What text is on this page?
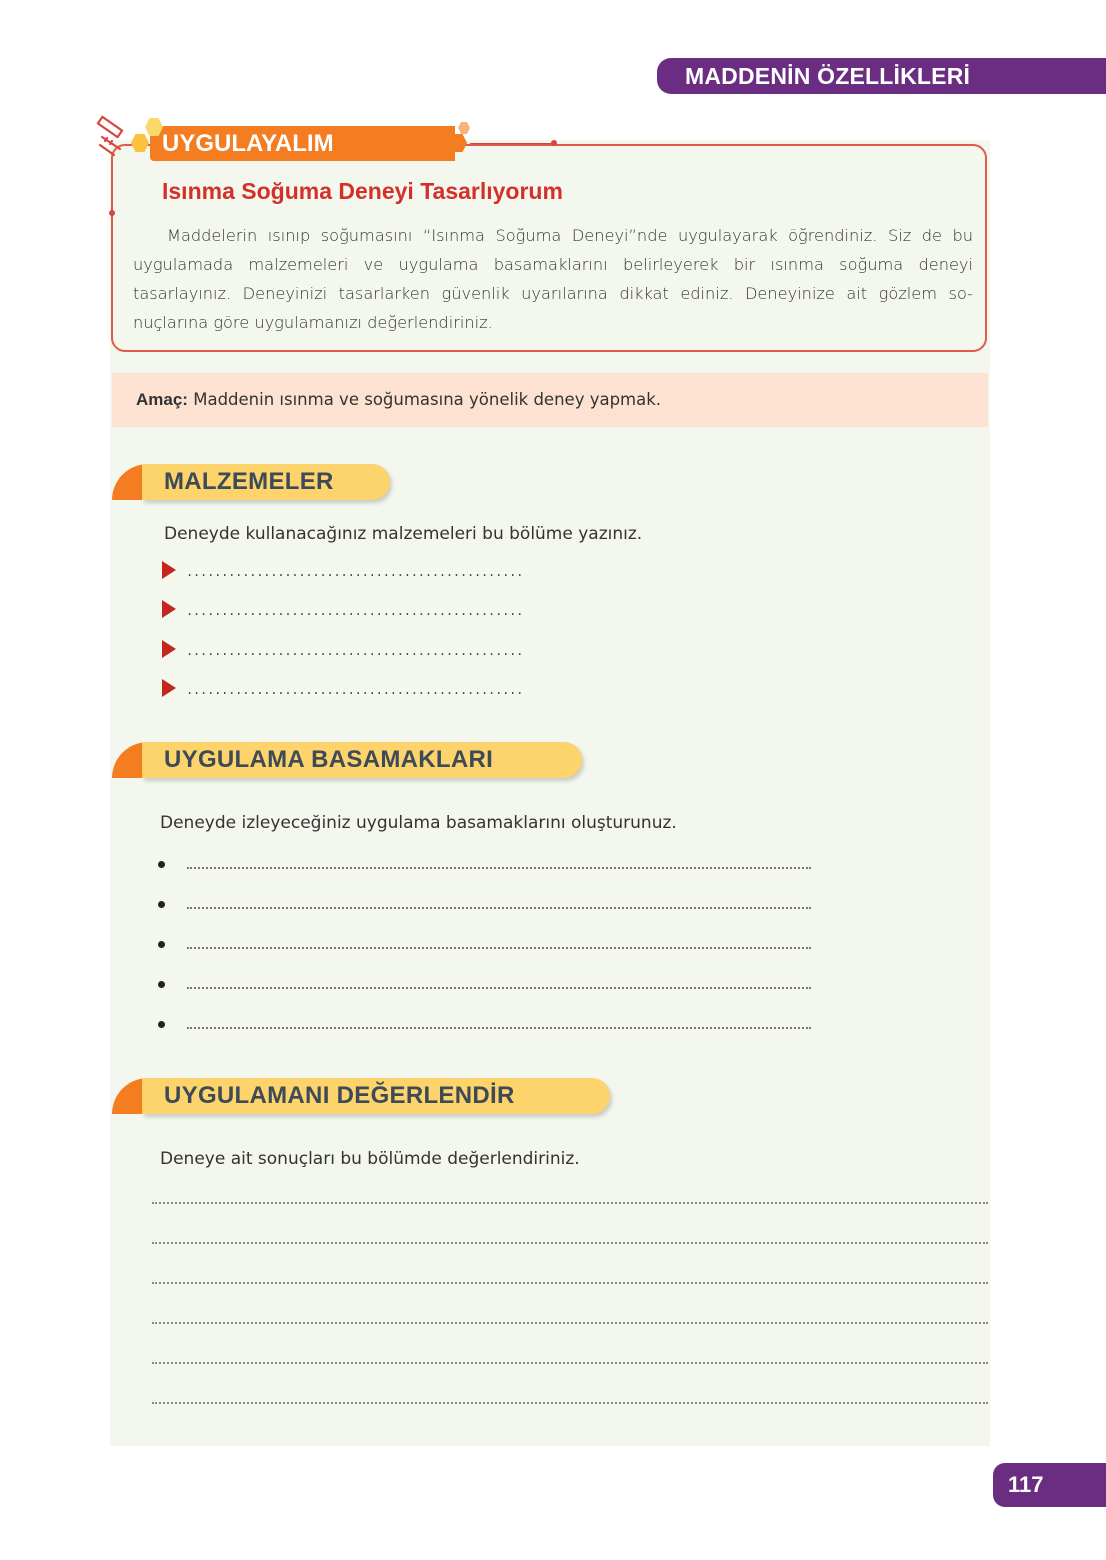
MADDENİN ÖZELLİKLERİ
UYGULAYALIM
Isınma Soğuma Deneyi Tasarlıyorum

Maddelerin ısınıp soğumasını “Isınma Soğuma Deneyi”nde uygulayarak öğrendiniz. Siz de bu uygulamada malzemeleri ve uygulama basamaklarını belirleyerek bir ısınma soğuma deneyi tasarlayınız. Deneyinizi tasarlarken güvenlik uyarılarına dikkat ediniz. Deneyinize ait gözlem so-nuçlarına göre uygulamanızı değerlendiriniz.

Amaç: Maddenin ısınma ve soğumasına yönelik deney yapmak.
MALZEMELER
Deneyde kullanacağınız malzemeleri bu bölüme yazınız.
................................................
................................................
................................................
................................................
UYGULAMA BASAMAKLARI
Deneyde izleyeceğiniz uygulama basamaklarını oluşturunuz.
UYGULAMANI DEĞERLENDİR
Deneye ait sonuçları bu bölümde değerlendiriniz.
117
